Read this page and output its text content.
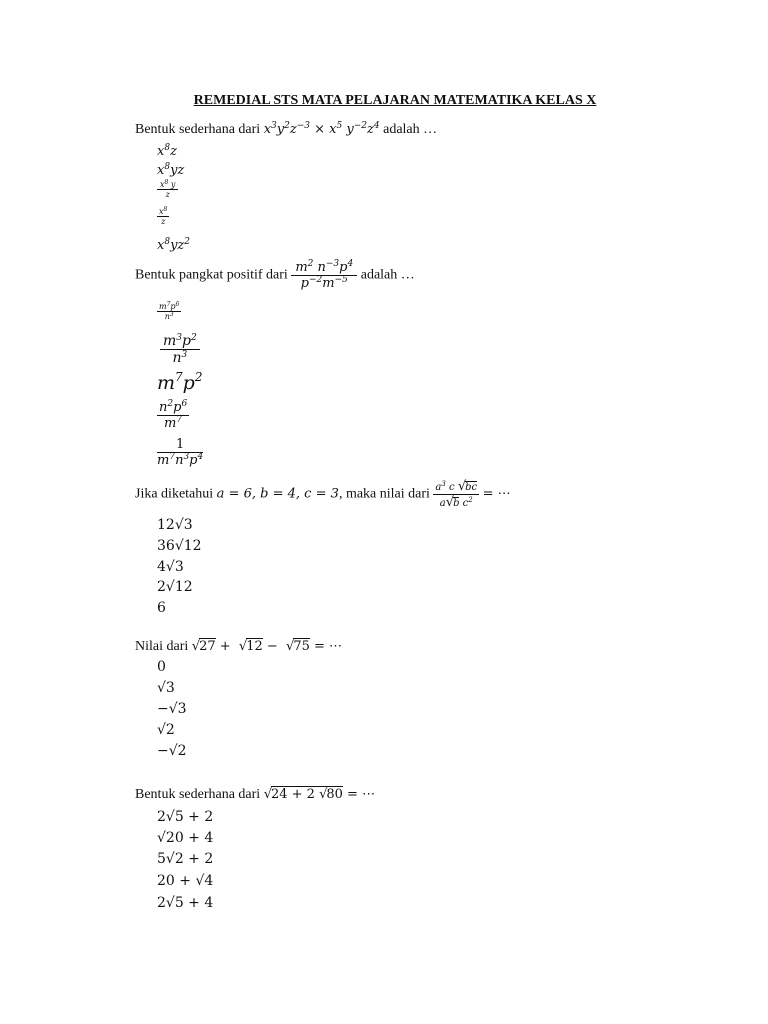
REMEDIAL STS MATA PELAJARAN MATEMATIKA KELAS X
Bentuk sederhana dari $x^3y^2z^{-3} \times x^5$ $y^{-2}z^4$ adalah …
$x^8z$
$x^8yz$
$\frac{x^8 y}{z}$
$\frac{x^8}{z}$
$x^8yz^2$
Bentuk pangkat positif dari $\frac{m^2 n^{-3}p^4}{p^{-2}m^{-5}}$ adalah …
$\frac{m^7p^6}{n^3}$
$\frac{m^3p^2}{n^3}$
$m^7p^2$
$\frac{n^2p^6}{m^7}$
$\frac{1}{m^7n^3p^4}$
Jika diketahui a = 6, b = 4, c = 3, maka nilai dari $\frac{a^3 c √bc}{a√b c^2}$ = ⋯
12√3
36√12
4√3
2√12
6
Nilai dari √27 +  √12 −  √75 = ⋯
0
√3
−√3
√2
−√2
Bentuk sederhana dari √24 + 2 √80 = ⋯
2√5 + 2
√20 + 4
5√2 + 2
20 + √4
2√5 + 4
